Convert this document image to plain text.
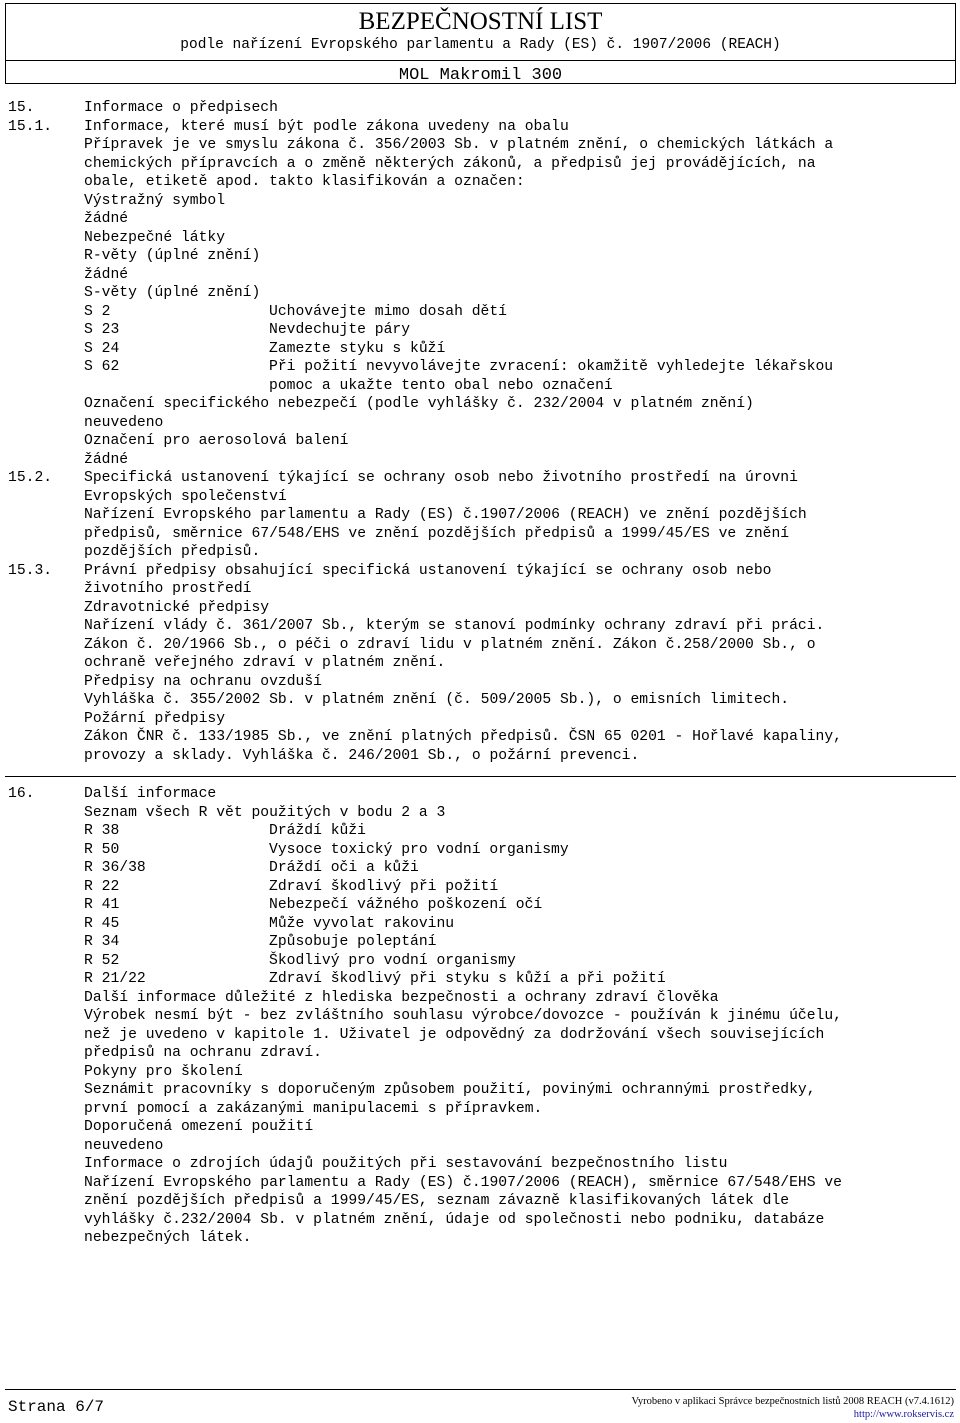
BEZPEČNOSTNÍ LIST
podle nařízení Evropského parlamentu a Rady (ES) č. 1907/2006 (REACH)
MOL Makromil 300
15.	Informace o předpisech
15.1.	Informace, které musí být podle zákona uvedeny na obalu
Přípravek je ve smyslu zákona č. 356/2003 Sb. v platném znění, o chemických látkách a
chemických přípravcích a o změně některých zákonů, a předpisů jej provádějících, na
obale, etiketě apod. takto klasifikován a označen:
Výstražný symbol
žádné
Nebezpečné látky
R-věty (úplné znění)
žádné
S-věty (úplné znění)
S 2	Uchovávejte mimo dosah dětí
S 23	Nevdechujte páry
S 24	Zamezte styku s kůží
S 62	Při požití nevyvolávejte zvracení: okamžitě vyhledejte lékařskou
pomoc a ukažte tento obal nebo označení
Označení specifického nebezpečí (podle vyhlášky č. 232/2004 v platném znění)
neuvedeno
Označení pro aerosolová balení
žádné
15.2.	Specifická ustanovení týkající se ochrany osob nebo životního prostředí na úrovni
Evropských společenství
Nařízení Evropského parlamentu a Rady (ES) č.1907/2006 (REACH) ve znění pozdějších
předpisů, směrnice 67/548/EHS ve znění pozdějších předpisů a 1999/45/ES ve znění
pozdějších předpisů.
15.3.	Právní předpisy obsahující specifická ustanovení týkající se ochrany osob nebo
životního prostředí
Zdravotnické předpisy
Nařízení vlády č. 361/2007 Sb., kterým se stanoví podmínky ochrany zdraví při práci.
Zákon č. 20/1966 Sb., o péči o zdraví lidu v platném znění. Zákon č.258/2000 Sb., o
ochraně veřejného zdraví v platném znění.
Předpisy na ochranu ovzduší
Vyhláška č. 355/2002 Sb. v platném znění (č. 509/2005 Sb.), o emisních limitech.
Požární předpisy
Zákon ČNR č. 133/1985 Sb., ve znění platných předpisů. ČSN 65 0201 - Hořlavé kapaliny,
provozy a sklady. Vyhláška č. 246/2001 Sb., o požární prevenci.
16.	Další informace
Seznam všech R vět použitých v bodu 2 a 3
R 38	Dráždí kůži
R 50	Vysoce toxický pro vodní organismy
R 36/38	Dráždí oči a kůži
R 22	Zdraví škodlivý při požití
R 41	Nebezpečí vážného poškození očí
R 45	Může vyvolat rakovinu
R 34	Způsobuje poleptání
R 52	Škodlivý pro vodní organismy
R 21/22	Zdraví škodlivý při styku s kůží a při požití
Další informace důležité z hlediska bezpečnosti a ochrany zdraví člověka
Výrobek nesmí být - bez zvláštního souhlasu výrobce/dovozce - používán k jinému účelu,
než je uvedeno v kapitole 1. Uživatel je odpovědný za dodržování všech souvisejících
předpisů na ochranu zdraví.
Pokyny pro školení
Seznámit pracovníky s doporučeným způsobem použití, povinými ochrannými prostředky,
první pomocí a zakázanými manipulacemi s přípravkem.
Doporučená omezení použití
neuvedeno
Informace o zdrojích údajů použitých při sestavování bezpečnostního listu
Nařízení Evropského parlamentu a Rady (ES) č.1907/2006 (REACH), směrnice 67/548/EHS ve
znění pozdějších předpisů a 1999/45/ES, seznam závazně klasifikovaných látek dle
vyhlášky č.232/2004 Sb. v platném znění, údaje od společnosti nebo podniku, databáze
nebezpečných látek.
Strana 6/7	Vyrobeno v aplikaci Správce bezpečnostních listů 2008 REACH (v7.4.1612)
http://www.rokservis.cz
